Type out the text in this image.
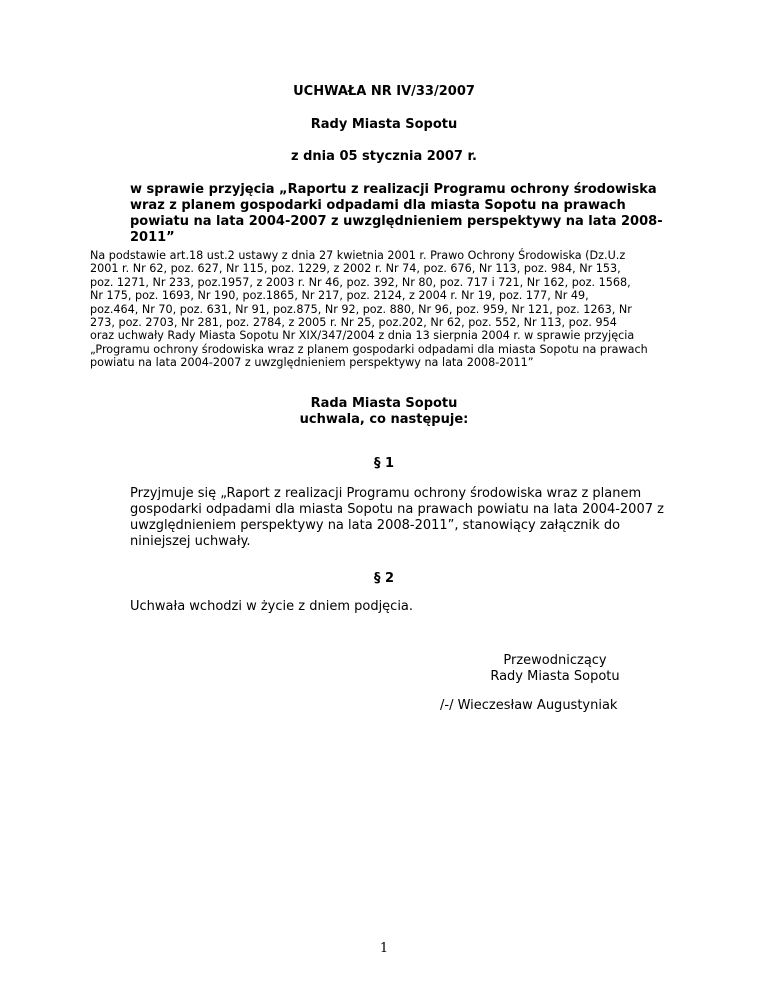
UCHWAŁA NR IV/33/2007
Rady Miasta Sopotu
z dnia 05 stycznia 2007 r.
w sprawie przyjęcia „Raportu z realizacji Programu ochrony środowiska
wraz z planem gospodarki odpadami dla miasta Sopotu na prawach
powiatu na lata 2004-2007 z uwzględnieniem perspektywy na lata 2008-
2011”
Na podstawie art.18 ust.2 ustawy z dnia 27 kwietnia 2001 r. Prawo Ochrony Środowiska (Dz.U.z
2001 r. Nr 62, poz. 627, Nr 115, poz. 1229, z 2002 r. Nr 74, poz. 676, Nr 113, poz. 984, Nr 153,
poz. 1271, Nr 233, poz.1957, z 2003 r. Nr 46, poz. 392, Nr 80, poz. 717 i 721, Nr 162, poz. 1568,
Nr 175, poz. 1693, Nr 190, poz.1865, Nr 217, poz. 2124, z 2004 r. Nr 19, poz. 177, Nr 49,
poz.464, Nr 70, poz. 631, Nr 91, poz.875, Nr 92, poz. 880, Nr 96, poz. 959, Nr 121, poz. 1263, Nr
273, poz. 2703, Nr 281, poz. 2784, z 2005 r. Nr 25, poz.202, Nr 62, poz. 552, Nr 113, poz. 954
oraz uchwały Rady Miasta Sopotu Nr XIX/347/2004 z dnia 13 sierpnia 2004 r. w sprawie przyjęcia
„Programu ochrony środowiska wraz z planem gospodarki odpadami dla miasta Sopotu na prawach
powiatu na lata 2004-2007 z uwzględnieniem perspektywy na lata 2008-2011”
Rada Miasta Sopotu
uchwala, co następuje:
§ 1
Przyjmuje się „Raport z realizacji Programu ochrony środowiska wraz z planem
gospodarki odpadami dla miasta Sopotu na prawach powiatu na lata 2004-2007 z
uwzględnieniem perspektywy na lata 2008-2011”, stanowiący załącznik do
niniejszej uchwały.
§ 2
Uchwała wchodzi w życie z dniem podjęcia.
Przewodniczący
Rady Miasta Sopotu
/-/ Wieczesław Augustyniak
1
